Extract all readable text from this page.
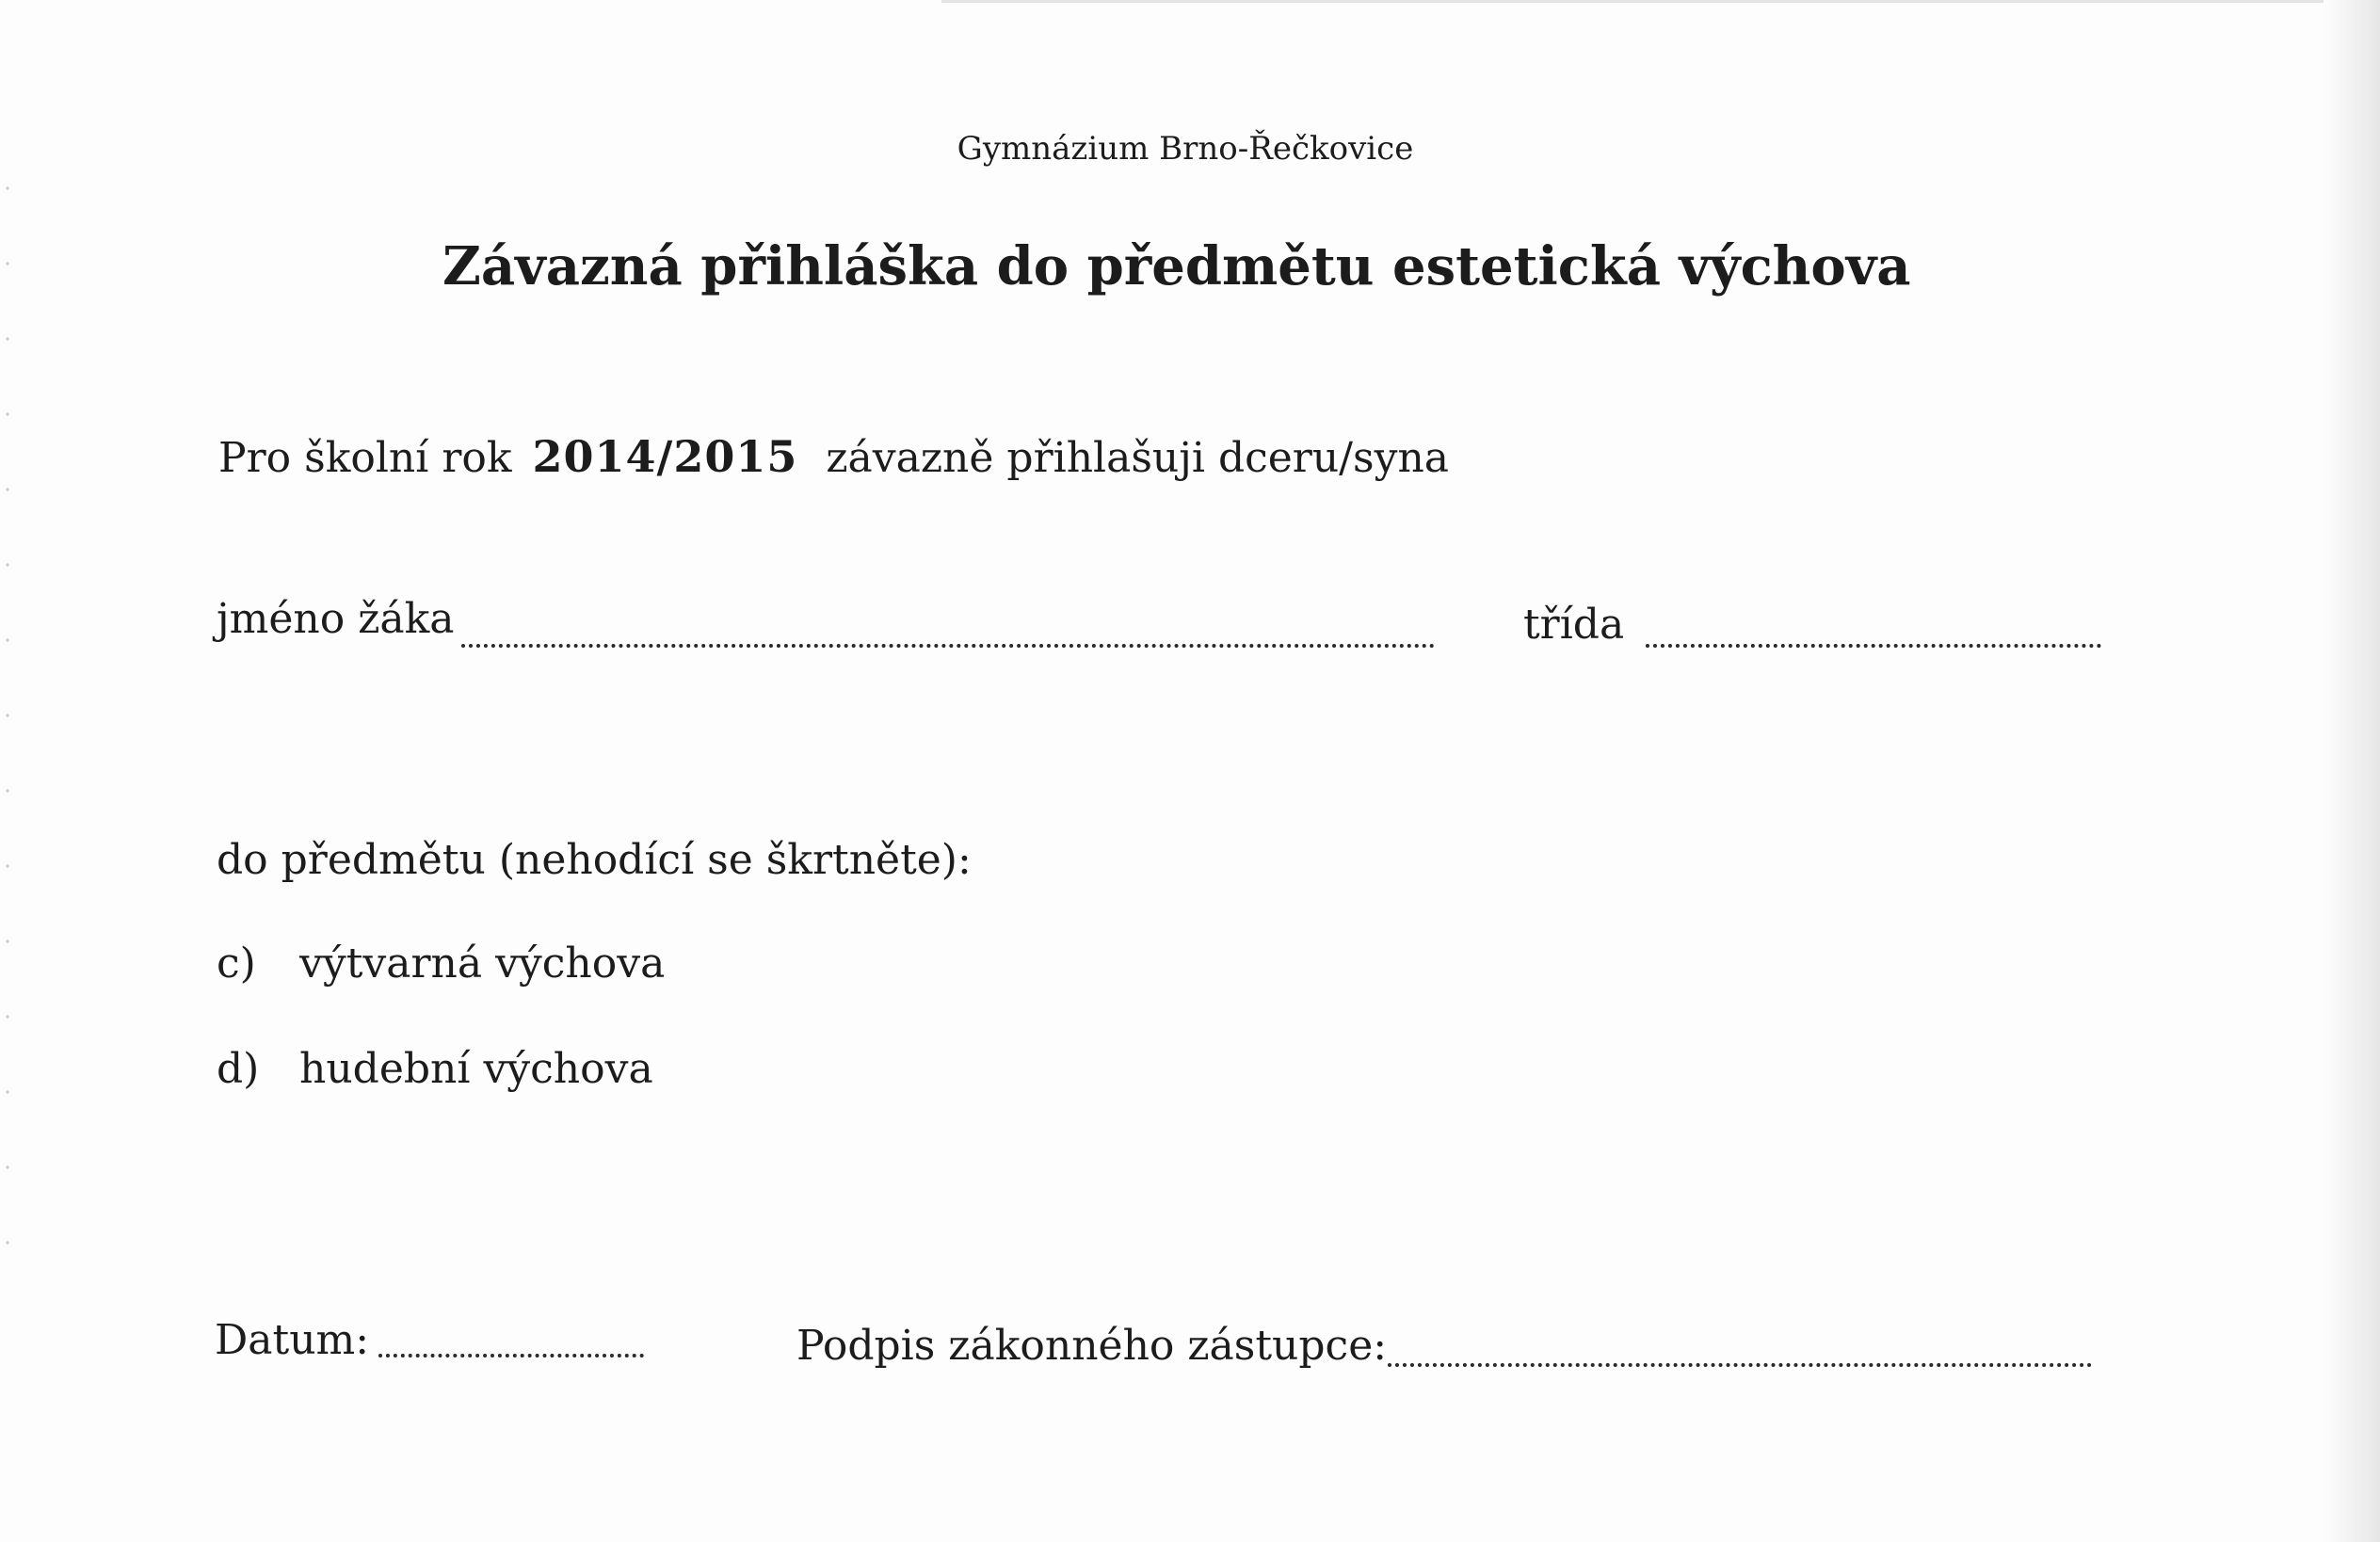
Gymnázium Brno-Řečkovice
Závazná přihláška do předmětu estetická výchova

Pro školní rok 2014/2015 závazně přihlašuji dceru/syna

jméno žáka	třída

do předmětu (nehodící se škrtněte):

c) výtvarná výchova

d) hudební výchova

Datum:	Podpis zákonného zástupce:
